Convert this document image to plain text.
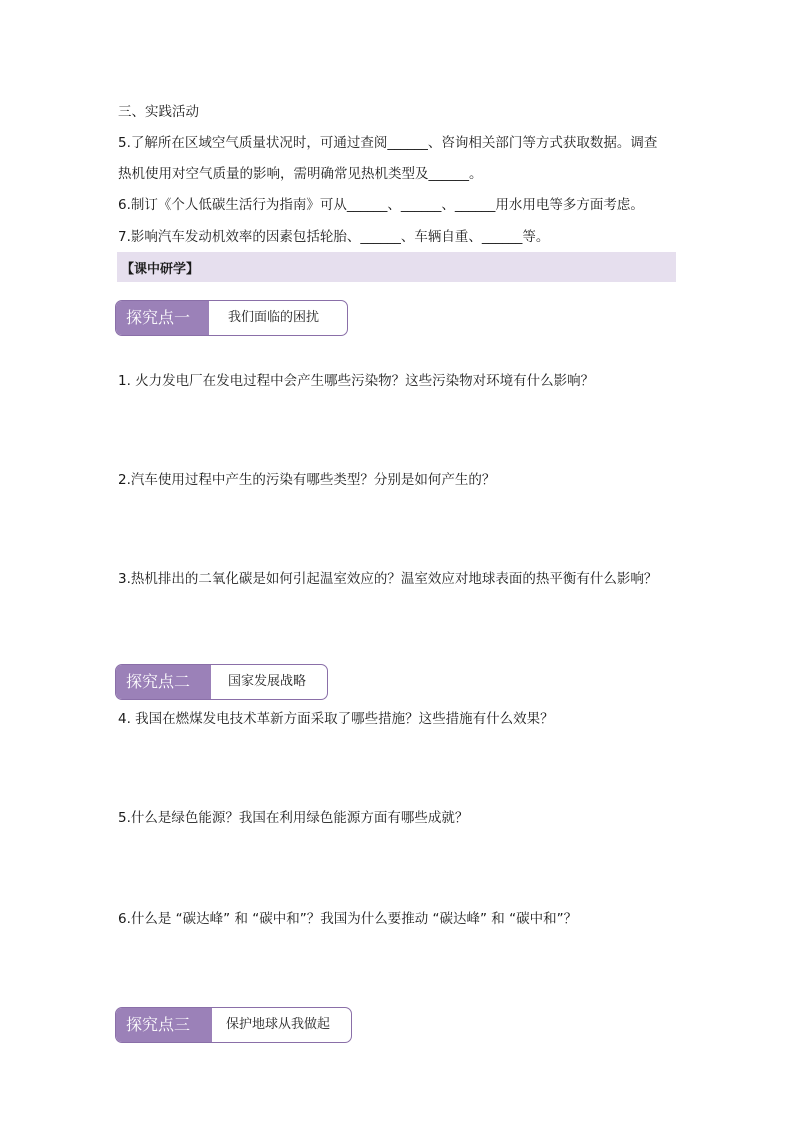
三、实践活动
5.了解所在区域空气质量状况时，可通过查阅______、咨询相关部门等方式获取数据。调查
热机使用对空气质量的影响，需明确常见热机类型及______。
6.制订《个人低碳生活行为指南》可从______、______、______用水用电等多方面考虑。
7.影响汽车发动机效率的因素包括轮胎、______、车辆自重、______等。
【课中研学】
探究点一	我们面临的困扰
1. 火力发电厂在发电过程中会产生哪些污染物？这些污染物对环境有什么影响？
2.汽车使用过程中产生的污染有哪些类型？分别是如何产生的？
3.热机排出的二氧化碳是如何引起温室效应的？温室效应对地球表面的热平衡有什么影响？
探究点二	国家发展战略
4. 我国在燃煤发电技术革新方面采取了哪些措施？这些措施有什么效果？
5.什么是绿色能源？我国在利用绿色能源方面有哪些成就？
6.什么是 “碳达峰” 和 “碳中和”？我国为什么要推动 “碳达峰” 和 “碳中和”？
探究点三	保护地球从我做起
